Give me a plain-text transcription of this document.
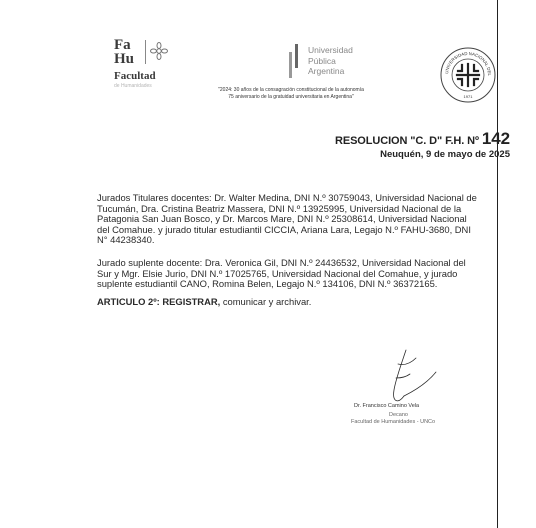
Fa
Hu
Facultad
de Humanidades
Universidad
Pública
Argentina
"2024: 30 años de la consagración constitucional de la autonomía
75 aniversario de la gratuidad universitaria en Argentina"
UNIVERSIDAD NACIONAL DEL
1971
RESOLUCION "C. D" F.H. Nº 142
Neuquén, 9 de mayo de 2025
Jurados Titulares docentes: Dr. Walter Medina, DNI N.º 30759043, Universidad Nacional de
Tucumán, Dra. Cristina Beatriz Massera, DNI N.º 13925995, Universidad Nacional de la
Patagonia San Juan Bosco, y Dr. Marcos Mare, DNI N.º 25308614, Universidad Nacional
del Comahue. y jurado titular estudiantil CICCIA, Ariana Lara, Legajo N.º FAHU-3680, DNI
N° 44238340.
Jurado suplente docente: Dra. Veronica Gil, DNI N.º 24436532, Universidad Nacional del
Sur y Mgr. Elsie Jurio, DNI N.º 17025765, Universidad Nacional del Comahue, y jurado
suplente estudiantil CANO, Romina Belen, Legajo N.º 134106, DNI N.º 36372165.
ARTICULO 2º: REGISTRAR, comunicar y archivar.
Dr. Francisco Camino Vela
Decano
Facultad de Humanidades - UNCo
